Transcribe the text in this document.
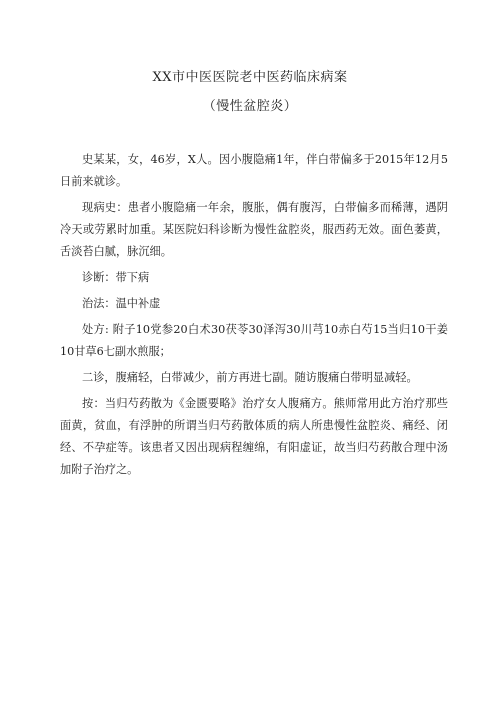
XX市中医医院老中医药临床病案
（慢性盆腔炎）

史某某，女，46岁，X人。因小腹隐痛1年，伴白带偏多于2015年12月5日前来就诊。

现病史：患者小腹隐痛一年余，腹胀，偶有腹泻，白带偏多而稀薄，遇阴冷天或劳累时加重。某医院妇科诊断为慢性盆腔炎，服西药无效。面色萎黄，舌淡苔白腻，脉沉细。

诊断：带下病

治法：温中补虚

处方: 附子10党参20白术30茯苓30泽泻30川芎10赤白芍15当归10干姜10甘草6七副水煎服；

二诊，腹痛轻，白带减少，前方再进七副。随访腹痛白带明显减轻。

按：当归芍药散为《金匮要略》治疗女人腹痛方。熊师常用此方治疗那些面黄，贫血，有浮肿的所谓当归芍药散体质的病人所患慢性盆腔炎、痛经、闭经、不孕症等。该患者又因出现病程缠绵，有阳虚证，故当归芍药散合理中汤加附子治疗之。
